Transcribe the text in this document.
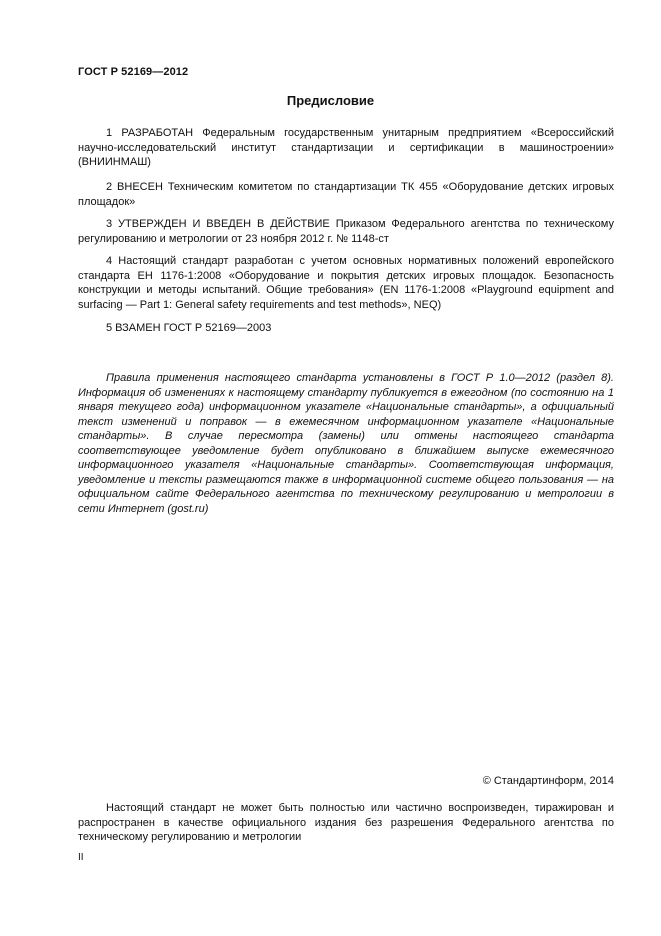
ГОСТ Р 52169—2012
Предисловие

1 РАЗРАБОТАН Федеральным государственным унитарным предприятием «Всероссийский научно-исследовательский институт стандартизации и сертификации в машиностроении» (ВНИИНМАШ)

2 ВНЕСЕН Техническим комитетом по стандартизации ТК 455 «Оборудование детских игровых площадок»

3 УТВЕРЖДЕН И ВВЕДЕН В ДЕЙСТВИЕ Приказом Федерального агентства по техническому регулированию и метрологии от 23 ноября 2012 г. № 1148-ст

4 Настоящий стандарт разработан с учетом основных нормативных положений европейского стандарта ЕН 1176-1:2008 «Оборудование и покрытия детских игровых площадок. Безопасность конструкции и методы испытаний. Общие требования» (EN 1176-1:2008 «Playground equipment and surfacing — Part 1: General safety requirements and test methods», NEQ)

5 ВЗАМЕН ГОСТ Р 52169—2003

Правила применения настоящего стандарта установлены в ГОСТ Р 1.0—2012 (раздел 8). Информация об изменениях к настоящему стандарту публикуется в ежегодном (по состоянию на 1 января текущего года) информационном указателе «Национальные стандарты», а официальный текст изменений и поправок — в ежемесячном информационном указателе «Национальные стандарты». В случае пересмотра (замены) или отмены настоящего стандарта соответствующее уведомление будет опубликовано в ближайшем выпуске ежемесячного информационного указателя «Национальные стандарты». Соответствующая информация, уведомление и тексты размещаются также в информационной системе общего пользования — на официальном сайте Федерального агентства по техническому регулированию и метрологии в сети Интернет (gost.ru)

© Стандартинформ, 2014

Настоящий стандарт не может быть полностью или частично воспроизведен, тиражирован и распространен в качестве официального издания без разрешения Федерального агентства по техническому регулированию и метрологии

II
